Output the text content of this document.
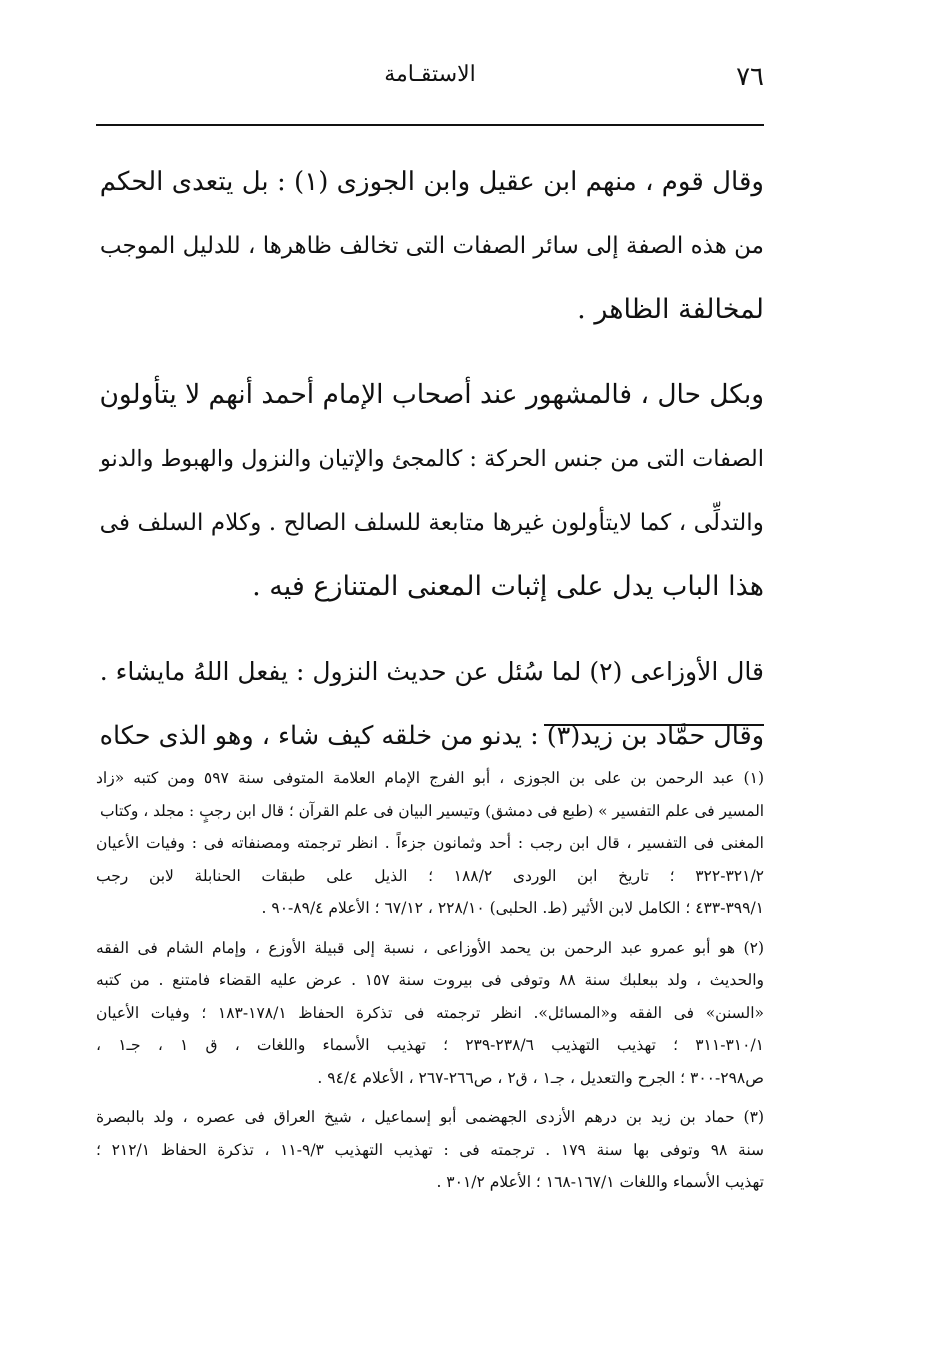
٧٦
الاستقـامة

وقال قوم ، منهم ابن عقيل وابن الجوزى (١) : بل يتعدى الحكم
من هذه الصفة إلى سائر الصفات التى تخالف ظاهرها ، للدليل الموجب
لمخالفة الظاهر .

وبكل حال ، فالمشهور عند أصحاب الإمام أحمد أنهم لا يتأولون
الصفات التى من جنس الحركة : كالمجئ والإتيان والنزول والهبوط والدنو
والتدلِّى ، كما لايتأولون غيرها متابعة للسلف الصالح . وكلام السلف فى
هذا الباب يدل على إثبات المعنى المتنازع فيه .

قال الأوزاعى (٢) لما سُئل عن حديث النزول : يفعل اللهُ مايشاء .
وقال حمَّاد بن زيد(٣) : يدنو من خلقه كيف شاء ، وهو الذى حكاه

(١) عبد الرحمن بن على بن الجوزى ، أبو الفرج الإمام العلامة المتوفى سنة ٥٩٧ ومن كتبه «زاد
المسير فى علم التفسير » (طبع فى دمشق) وتيسير البيان فى علم القرآن ؛ قال ابن رجبٍ : مجلد ، وكتاب
المغنى فى التفسير ، قال ابن رجب : أحد وثمانون جزءاً . انظر ترجمته ومصنفاته فى : وفيات الأعيان
٣٢١/٢-٣٢٢ ؛ تاريخ ابن الوردى ١٨٨/٢ ؛ الذيل على طبقات الحنابلة لابن رجب
٣٩٩/١-٤٣٣ ؛ الكامل لابن الأثير (ط. الحلبى) ٢٢٨/١٠ ، ٦٧/١٢ ؛ الأعلام ٨٩/٤-٩٠ .

(٢) هو أبو عمرو عبد الرحمن بن يحمد الأوزاعى ، نسبة إلى قبيلة الأوزع ، وإمام الشام فى الفقه
والحديث ، ولد ببعلبك سنة ٨٨ وتوفى فى بيروت سنة ١٥٧ . عرض عليه القضاء فامتنع . من كتبه
«السنن» فى الفقه و«المسائل». انظر ترجمته فى تذكرة الحفاظ ١٧٨/١-١٨٣ ؛ وفيات الأعيان
٣١٠/١-٣١١ ؛ تهذيب التهذيب ٢٣٨/٦-٢٣٩ ؛ تهذيب الأسماء واللغات ، ق ١ ، جـ١ ،
ص٢٩٨-٣٠٠ ؛ الجرح والتعديل ، جـ١ ، ق٢ ، ص٢٦٦-٢٦٧ ، الأعلام ٩٤/٤ .

(٣) حماد بن زيد بن درهم الأزدى الجهضمى أبو إسماعيل ، شيخ العراق فى عصره ، ولد بالبصرة
سنة ٩٨ وتوفى بها سنة ١٧٩ . ترجمته فى : تهذيب التهذيب ٩/٣-١١ ، تذكرة الحفاظ ٢١٢/١ ؛
تهذيب الأسماء واللغات ١٦٧/١-١٦٨ ؛ الأعلام ٣٠١/٢ .
